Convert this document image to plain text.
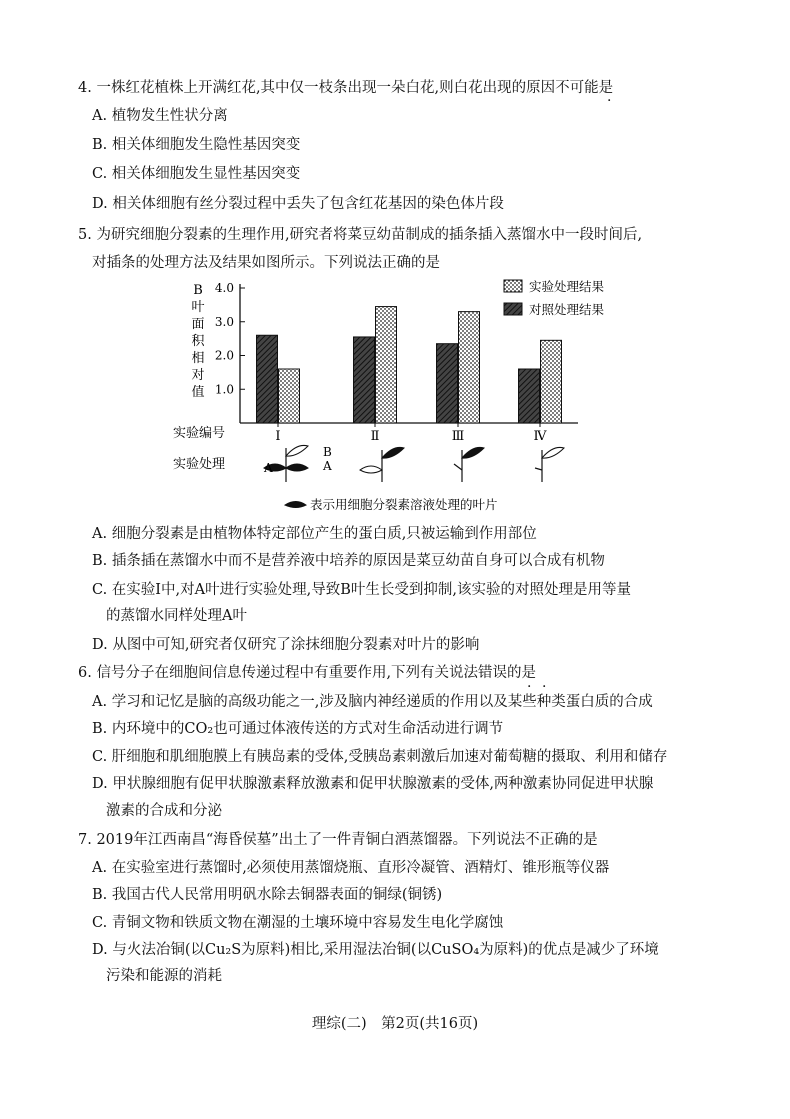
4. 一株红花植株上开满红花,其中仅一枝条出现一朵白花,则白花出现的原因不可能是
·
A. 植物发生性状分离
B. 相关体细胞发生隐性基因突变
C. 相关体细胞发生显性基因突变
D. 相关体细胞有丝分裂过程中丢失了包含红花基因的染色体片段
5. 为研究细胞分裂素的生理作用,研究者将菜豆幼苗制成的插条插入蒸馏水中一段时间后,
对插条的处理方法及结果如图所示。下列说法正确的是
B
叶
面
积
相
对
值
4.0
3.0
2.0
1.0
实验编号	Ⅰ	Ⅱ	Ⅲ	Ⅳ
实验处理结果
对照处理结果
实验处理	A
B
A
表示用细胞分裂素溶液处理的叶片
A. 细胞分裂素是由植物体特定部位产生的蛋白质,只被运输到作用部位
B. 插条插在蒸馏水中而不是营养液中培养的原因是菜豆幼苗自身可以合成有机物
C. 在实验Ⅰ中,对A叶进行实验处理,导致B叶生长受到抑制,该实验的对照处理是用等量
的蒸馏水同样处理A叶
D. 从图中可知,研究者仅研究了涂抹细胞分裂素对叶片的影响
6. 信号分子在细胞间信息传递过程中有重要作用,下列有关说法错误的是
· ·
A. 学习和记忆是脑的高级功能之一,涉及脑内神经递质的作用以及某些种类蛋白质的合成
B. 内环境中的CO₂也可通过体液传送的方式对生命活动进行调节
C. 肝细胞和肌细胞膜上有胰岛素的受体,受胰岛素刺激后加速对葡萄糖的摄取、利用和储存
D. 甲状腺细胞有促甲状腺激素释放激素和促甲状腺激素的受体,两种激素协同促进甲状腺
激素的合成和分泌
7. 2019年江西南昌“海昏侯墓”出土了一件青铜白酒蒸馏器。下列说法不正确的是
A. 在实验室进行蒸馏时,必须使用蒸馏烧瓶、直形冷凝管、酒精灯、锥形瓶等仪器
B. 我国古代人民常用明矾水除去铜器表面的铜绿(铜锈)
C. 青铜文物和铁质文物在潮湿的土壤环境中容易发生电化学腐蚀
D. 与火法冶铜(以Cu₂S为原料)相比,采用湿法冶铜(以CuSO₄为原料)的优点是减少了环境
污染和能源的消耗
理综(二)　第2页(共16页)
